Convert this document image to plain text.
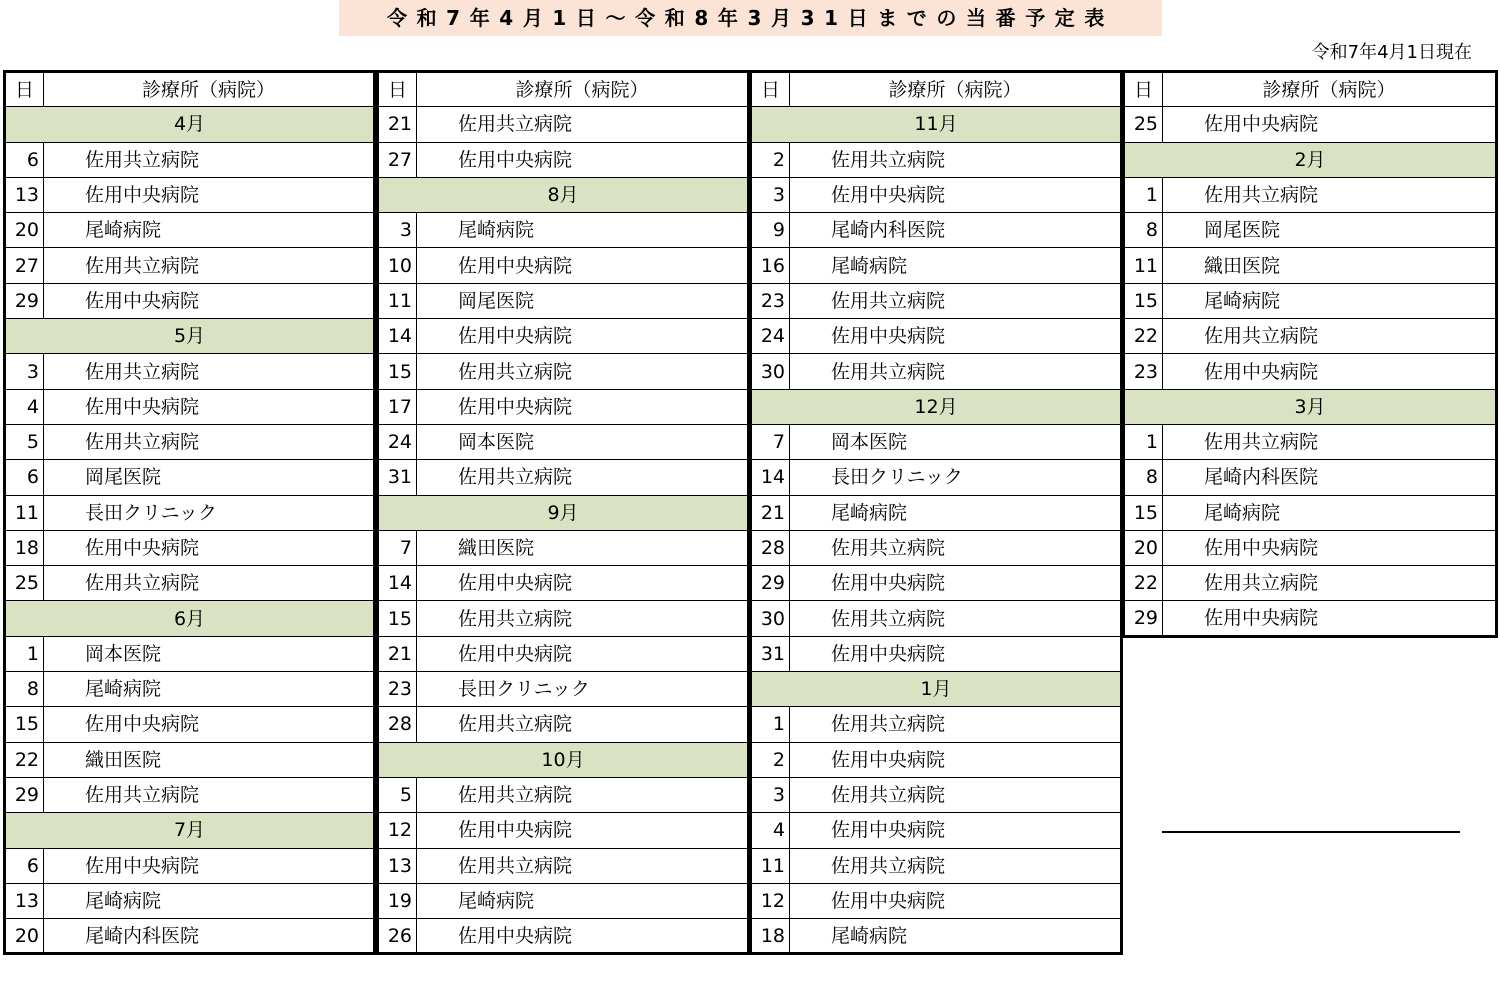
令和7年4月1日〜令和8年3月31日までの当番予定表
令和7年4月1日現在
日	診療所（病院）
4月	
6	佐用共立病院
13	佐用中央病院
20	尾崎病院
27	佐用共立病院
29	佐用中央病院
5月	
3	佐用共立病院
4	佐用中央病院
5	佐用共立病院
6	岡尾医院
11	長田クリニック
18	佐用中央病院
25	佐用共立病院
6月	
1	岡本医院
8	尾崎病院
15	佐用中央病院
22	織田医院
29	佐用共立病院
7月	
6	佐用中央病院
13	尾崎病院
20	尾崎内科医院
日	診療所（病院）
21	佐用共立病院
27	佐用中央病院
8月	
3	尾崎病院
10	佐用中央病院
11	岡尾医院
14	佐用中央病院
15	佐用共立病院
17	佐用中央病院
24	岡本医院
31	佐用共立病院
9月	
7	織田医院
14	佐用中央病院
15	佐用共立病院
21	佐用中央病院
23	長田クリニック
28	佐用共立病院
10月	
5	佐用共立病院
12	佐用中央病院
13	佐用共立病院
19	尾崎病院
26	佐用中央病院
日	診療所（病院）
11月	
2	佐用共立病院
3	佐用中央病院
9	尾崎内科医院
16	尾崎病院
23	佐用共立病院
24	佐用中央病院
30	佐用共立病院
12月	
7	岡本医院
14	長田クリニック
21	尾崎病院
28	佐用共立病院
29	佐用中央病院
30	佐用共立病院
31	佐用中央病院
1月	
1	佐用共立病院
2	佐用中央病院
3	佐用共立病院
4	佐用中央病院
11	佐用共立病院
12	佐用中央病院
18	尾崎病院
日	診療所（病院）
25	佐用中央病院
2月	
1	佐用共立病院
8	岡尾医院
11	織田医院
15	尾崎病院
22	佐用共立病院
23	佐用中央病院
3月	
1	佐用共立病院
8	尾崎内科医院
15	尾崎病院
20	佐用中央病院
22	佐用共立病院
29	佐用中央病院
